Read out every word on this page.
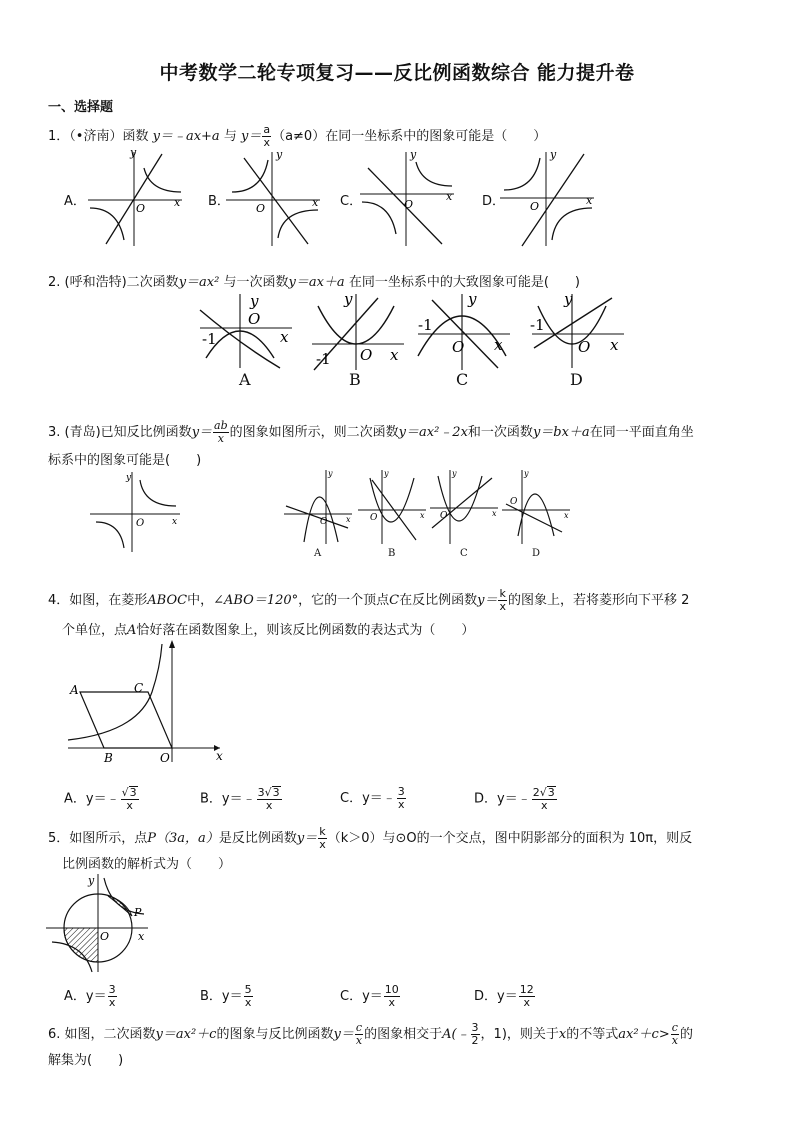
中考数学二轮专项复习——反比例函数综合 能力提升卷
一、选择题
1．（•济南）函数 y＝﹣ax+a 与 $y= \frac{a}{x} (a\ne 0)$在同一坐标系中的图象可能是（　　）
A．	B．	C．	D．
y
x
O
y
x
O
y
x
O
y
x
O
2. (呼和浩特)二次函数y＝ax² 与一次函数y＝ax＋a 在同一坐标系中的大致图象可能是(　　)
y
x
O
-1
A
y
x
O
-1
B
y
x
O
-1
C
y
x
O
-1
D
3. (青岛)已知反比例函数$y= \frac{ab}{x}$ 的图象如图所示，则二次函数y＝ax²﹣2x和一次函数y＝bx＋a在同一平面直角坐
标系中的图象可能是(　　)
y
x
O
y
x
O
A
y
x
O
B
y
x
O
C
y
x
O
D
4．如图，在菱形ABOC中，∠ABO＝120°，它的一个顶点C在反比例函数$y= \frac{k}{x}$ 的图象上，若将菱形向下平移 2
个单位，点A恰好落在函数图象上，则该反比例函数的表达式为（　　）
A	C
B	O	x
A．y＝﹣ $\frac{√3}{x}$	B．y＝﹣ $\frac{3√3}{x}$	C．y＝﹣ $\frac{3}{x}$	D．y＝﹣ $\frac{2√3}{x}$
5．如图所示，点P（3a，a）是反比例函数$y= \frac{k}{x} (k>0)$与⊙O的一个交点，图中阴影部分的面积为 10π，则反
比例函数的解析式为（　　）
y
x
O
P
A．$y= \frac{3}{x}$	B．$y= \frac{5}{x}$	C．$y= \frac{10}{x}$	D．$y= \frac{12}{x}$
6. 如图，二次函数y＝ax²＋c的图象与反比例函数$y= \frac{c}{x}$ 的图象相交于A(﹣ $\frac{3}{2}$ ，1)，则关于x的不等式$ax^2+c> \frac{c}{x}$ 的
解集为(　　)
